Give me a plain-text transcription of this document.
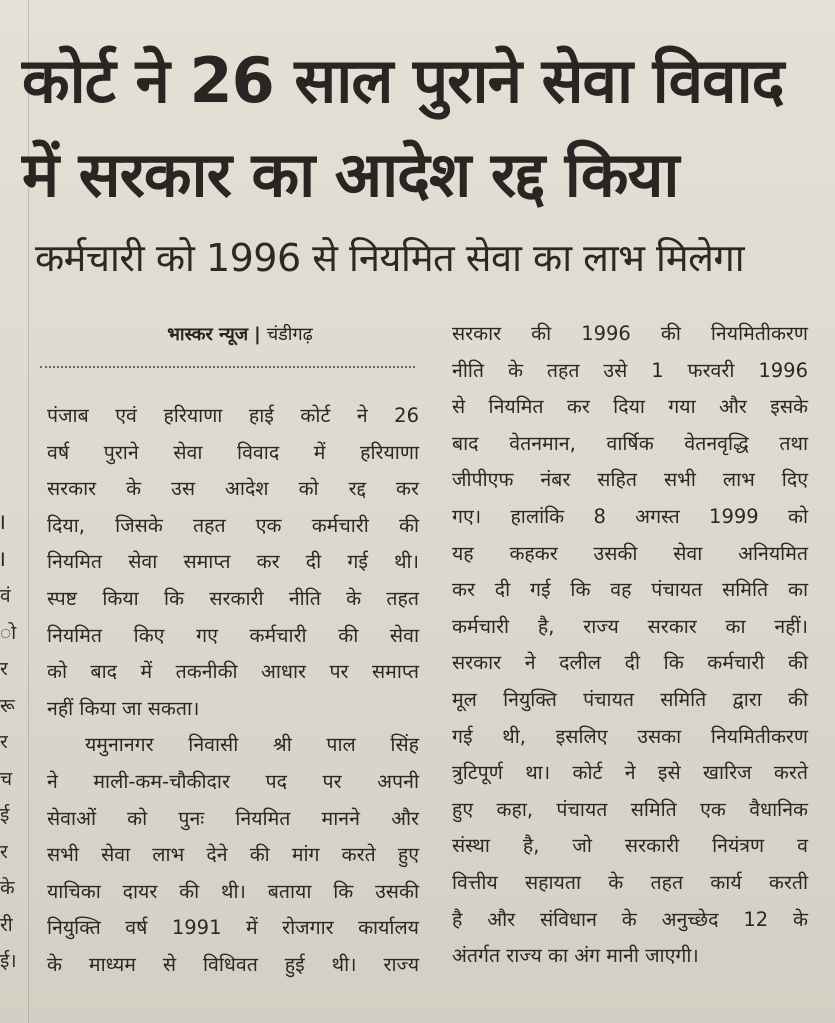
I
I
वं
ो
र
रू
र
च
ई
र
के
री
ई।
कोर्ट ने 26 साल पुराने सेवा विवाद
में सरकार का आदेश रद्द किया
कर्मचारी को 1996 से नियमित सेवा का लाभ मिलेगा
भास्कर न्यूज | चंडीगढ़
पंजाब एवं हरियाणा हाई कोर्ट ने 26
वर्ष पुराने सेवा विवाद में हरियाणा
सरकार के उस आदेश को रद्द कर
दिया, जिसके तहत एक कर्मचारी की
नियमित सेवा समाप्त कर दी गई थी।
स्पष्ट किया कि सरकारी नीति के तहत
नियमित किए गए कर्मचारी की सेवा
को बाद में तकनीकी आधार पर समाप्त
नहीं किया जा सकता।
यमुनानगर निवासी श्री पाल सिंह
ने माली-कम-चौकीदार पद पर अपनी
सेवाओं को पुनः नियमित मानने और
सभी सेवा लाभ देने की मांग करते हुए
याचिका दायर की थी। बताया कि उसकी
नियुक्ति वर्ष 1991 में रोजगार कार्यालय
के माध्यम से विधिवत हुई थी। राज्य
सरकार की 1996 की नियमितीकरण
नीति के तहत उसे 1 फरवरी 1996
से नियमित कर दिया गया और इसके
बाद वेतनमान, वार्षिक वेतनवृद्धि तथा
जीपीएफ नंबर सहित सभी लाभ दिए
गए। हालांकि 8 अगस्त 1999 को
यह कहकर उसकी सेवा अनियमित
कर दी गई कि वह पंचायत समिति का
कर्मचारी है, राज्य सरकार का नहीं।
सरकार ने दलील दी कि कर्मचारी की
मूल नियुक्ति पंचायत समिति द्वारा की
गई थी, इसलिए उसका नियमितीकरण
त्रुटिपूर्ण था। कोर्ट ने इसे खारिज करते
हुए कहा, पंचायत समिति एक वैधानिक
संस्था है, जो सरकारी नियंत्रण व
वित्तीय सहायता के तहत कार्य करती
है और संविधान के अनुच्छेद 12 के
अंतर्गत राज्य का अंग मानी जाएगी।
